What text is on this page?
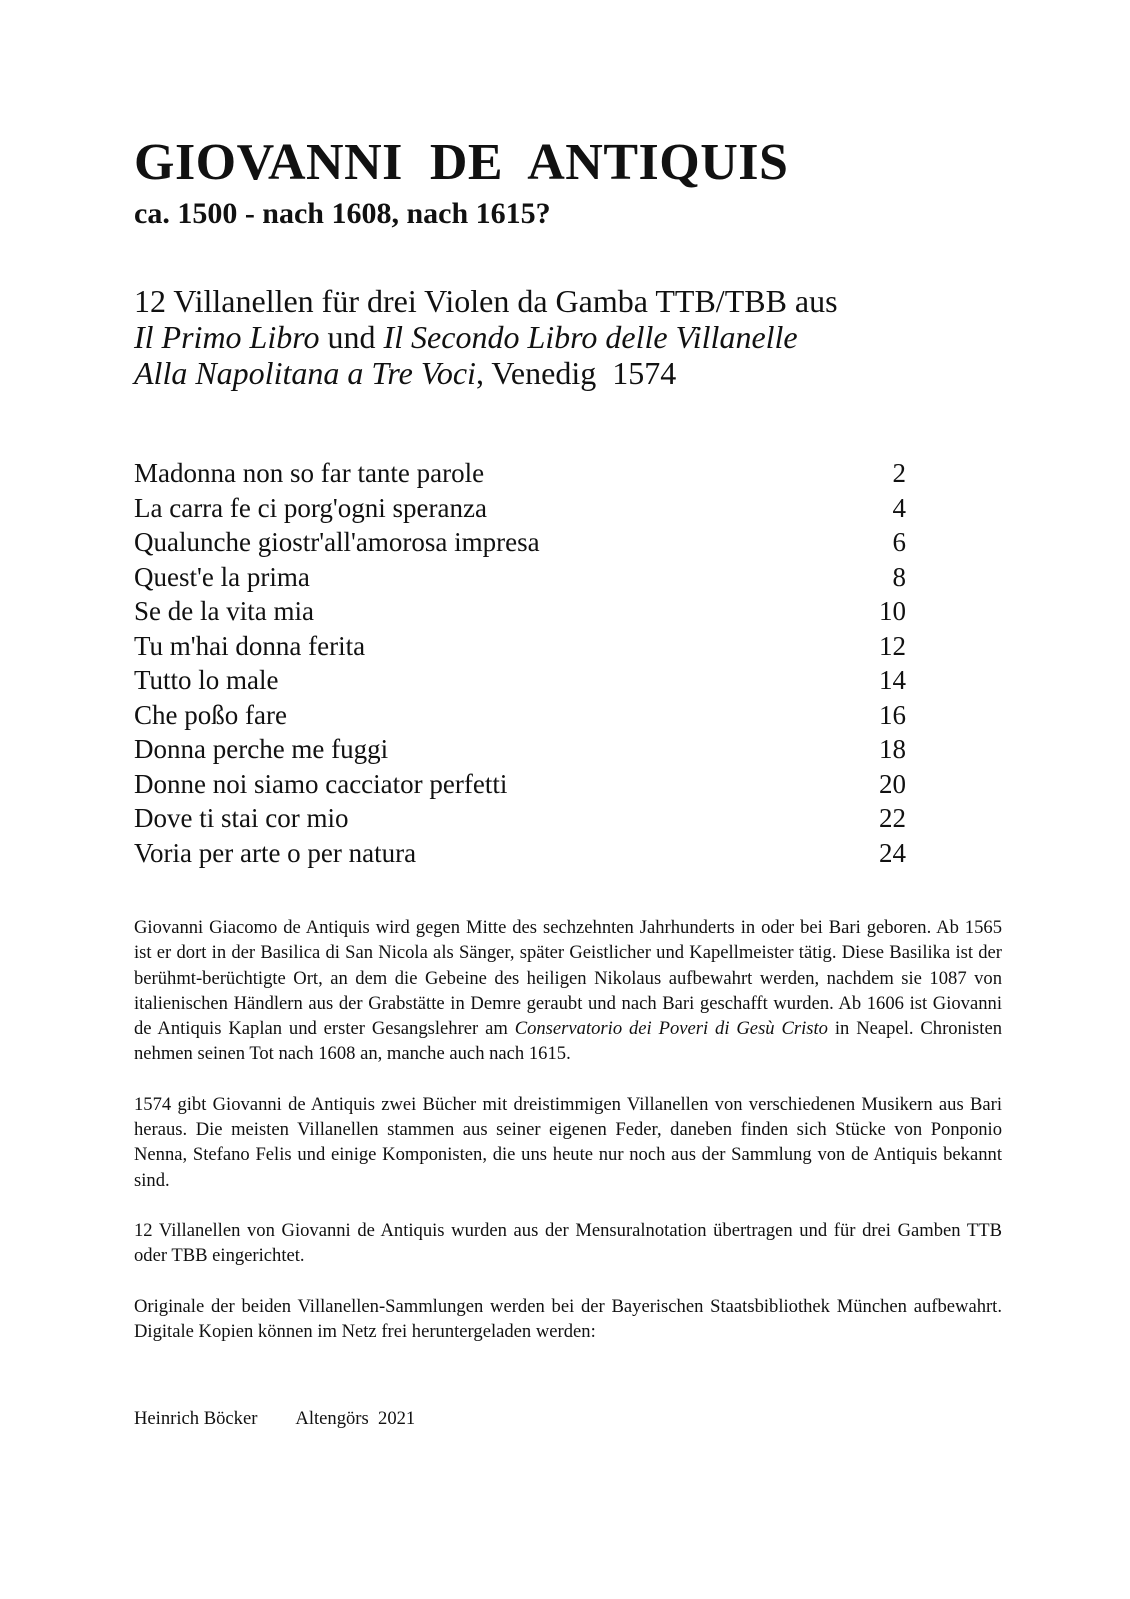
GIOVANNI  DE  ANTIQUIS
ca. 1500 - nach 1608, nach 1615?
12 Villanellen für drei Violen da Gamba TTB/TBB aus
Il Primo Libro und Il Secondo Libro delle Villanelle
Alla Napolitana a Tre Voci, Venedig  1574
Madonna non so far tante parole	2
La carra fe ci porg'ogni speranza	4
Qualunche giostr'all'amorosa impresa	6
Quest'e la prima	8
Se de la vita mia	10
Tu m'hai donna ferita	12
Tutto lo male	14
Che poßo fare	16
Donna perche me fuggi	18
Donne noi siamo cacciator perfetti	20
Dove ti stai cor mio	22
Voria per arte o per natura	24

Giovanni Giacomo de Antiquis wird gegen Mitte des sechzehnten Jahrhunderts in oder bei Bari geboren. Ab 1565 ist er dort in der Basilica di San Nicola als Sänger, später Geistlicher und Kapellmeister tätig. Diese Basilika ist der berühmt-berüchtigte Ort, an dem die Gebeine des heiligen Nikolaus aufbewahrt werden, nachdem sie 1087 von italienischen Händlern aus der Grabstätte in Demre geraubt und nach Bari geschafft wurden. Ab 1606 ist Giovanni de Antiquis Kaplan und erster Gesangslehrer am Conservatorio dei Poveri di Gesù Cristo in Neapel. Chronisten nehmen seinen Tot nach 1608 an, manche auch nach 1615.

1574 gibt Giovanni de Antiquis zwei Bücher mit dreistimmigen Villanellen von verschiedenen Musikern aus Bari heraus. Die meisten Villanellen stammen aus seiner eigenen Feder, daneben finden sich Stücke von Ponponio Nenna, Stefano Felis und einige Komponisten, die uns heute nur noch aus der Sammlung von de Antiquis bekannt sind.

12 Villanellen von Giovanni de Antiquis wurden aus der Mensuralnotation übertragen und für drei Gamben TTB oder TBB eingerichtet.

Originale der beiden Villanellen-Sammlungen werden bei der Bayerischen Staatsbibliothek München aufbewahrt. Digitale Kopien können im Netz frei heruntergeladen werden:

Heinrich Böcker Altengörs  2021
